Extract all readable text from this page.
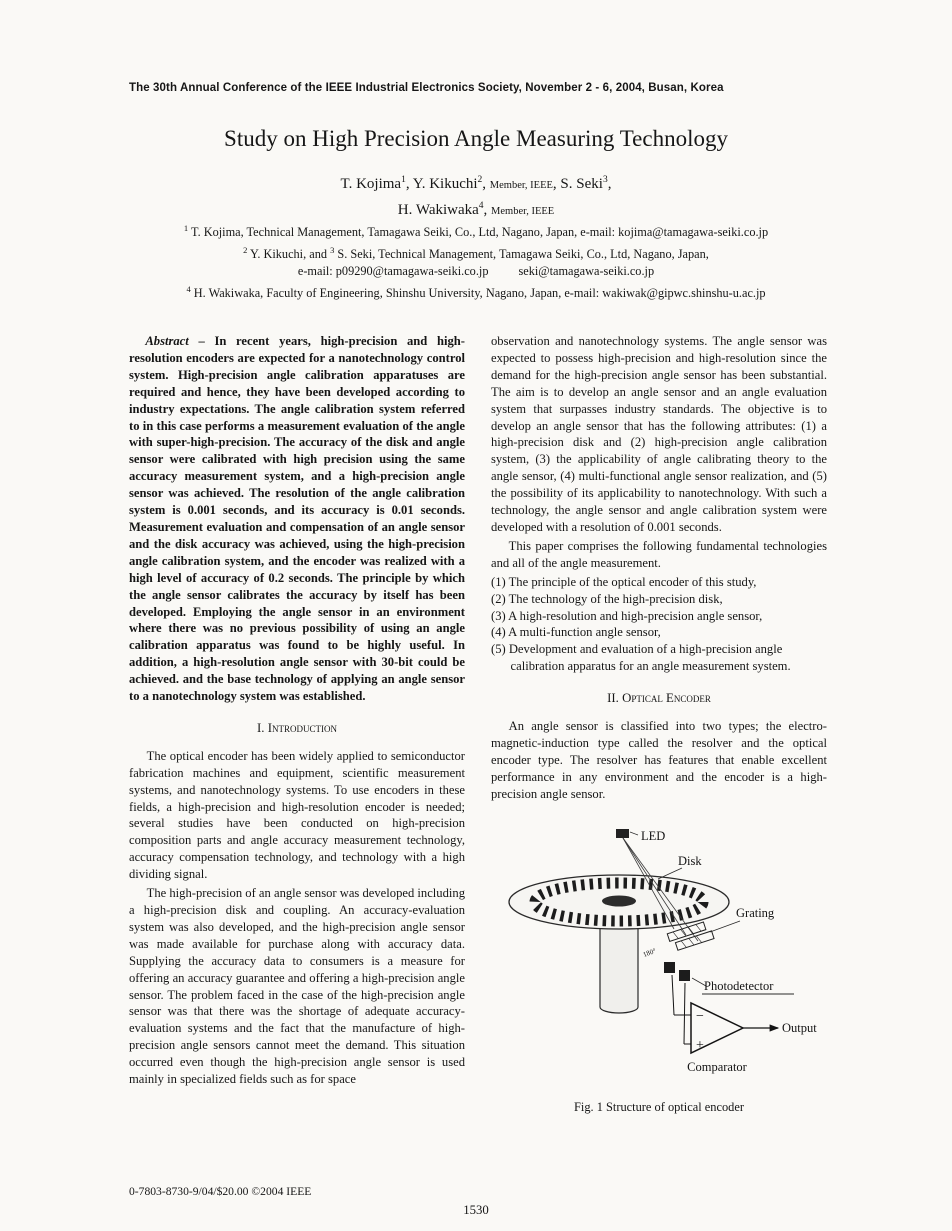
The 30th Annual Conference of the IEEE Industrial Electronics Society, November 2 - 6, 2004, Busan, Korea
Study on High Precision Angle Measuring Technology
T. Kojima$^1$, Y. Kikuchi$^2$, Member, IEEE, S. Seki$^3$,
H. Wakiwaka$^4$, Member, IEEE
$^1$ T. Kojima, Technical Management, Tamagawa Seiki, Co., Ltd, Nagano, Japan, e-mail: kojima@tamagawa-seiki.co.jp
$^2$ Y. Kikuchi, and $^3$ S. Seki, Technical Management, Tamagawa Seiki, Co., Ltd, Nagano, Japan,
e-mail: p09290@tamagawa-seiki.co.jp seki@tamagawa-seiki.co.jp
$^4$ H. Wakiwaka, Faculty of Engineering, Shinshu University, Nagano, Japan, e-mail: wakiwak@gipwc.shinshu-u.ac.jp

Abstract – In recent years, high-precision and high-resolution encoders are expected for a nanotechnology control system. High-precision angle calibration apparatuses are required and hence, they have been developed according to industry expectations. The angle calibration system referred to in this case performs a measurement evaluation of the angle with super-high-precision. The accuracy of the disk and angle sensor were calibrated with high precision using the same accuracy measurement system, and a high-precision angle sensor was achieved. The resolution of the angle calibration system is 0.001 seconds, and its accuracy is 0.01 seconds. Measurement evaluation and compensation of an angle sensor and the disk accuracy was achieved, using the high-precision angle calibration system, and the encoder was realized with a high level of accuracy of 0.2 seconds. The principle by which the angle sensor calibrates the accuracy by itself has been developed. Employing the angle sensor in an environment where there was no previous possibility of using an angle calibration apparatus was found to be highly useful. In addition, a high-resolution angle sensor with 30-bit could be achieved. and the base technology of applying an angle sensor to a nanotechnology system was established.

I. Introduction

The optical encoder has been widely applied to semiconductor fabrication machines and equipment, scientific measurement systems, and nanotechnology systems. To use encoders in these fields, a high-precision and high-resolution encoder is needed; several studies have been conducted on high-precision composition parts and angle accuracy measurement technology, accuracy compensation technology, and technology with a high dividing signal.

The high-precision of an angle sensor was developed including a high-precision disk and coupling. An accuracy-evaluation system was also developed, and the high-precision angle sensor was made available for purchase along with accuracy data. Supplying the accuracy data to consumers is a measure for offering an accuracy guarantee and offering a high-precision angle sensor. The problem faced in the case of the high-precision angle sensor was that there was the shortage of adequate accuracy-evaluation systems and the fact that the manufacture of high-precision angle sensors cannot meet the demand. This situation occurred even though the high-precision angle sensor is used mainly in specialized fields such as for space

observation and nanotechnology systems. The angle sensor was expected to possess high-precision and high-resolution since the demand for the high-precision angle sensor has been substantial. The aim is to develop an angle sensor and an angle evaluation system that surpasses industry standards. The objective is to develop an angle sensor that has the following attributes: (1) a high-precision disk and (2) high-precision angle calibration system, (3) the applicability of angle calibrating theory to the angle sensor, (4) multi-functional angle sensor realization, and (5) the possibility of its applicability to nanotechnology. With such a technology, the angle sensor and angle calibration system were developed with a resolution of 0.001 seconds.

This paper comprises the following fundamental technologies and all of the angle measurement.

(1) The principle of the optical encoder of this study,
(2) The technology of the high-precision disk,
(3) A high-resolution and high-precision angle sensor,
(4) A multi-function angle sensor,
(5) Development and evaluation of a high-precision angle calibration apparatus for an angle measurement system.
II. Optical Encoder

An angle sensor is classified into two types; the electro-magnetic-induction type called the resolver and the optical encoder type. The resolver has features that enable excellent performance in any environment and the encoder is a high-precision angle sensor.

LED
Disk
Grating
180°
Photodetector
−
+
Output
Comparator
Fig. 1 Structure of optical encoder
0-7803-8730-9/04/$20.00 ©2004 IEEE
1530
